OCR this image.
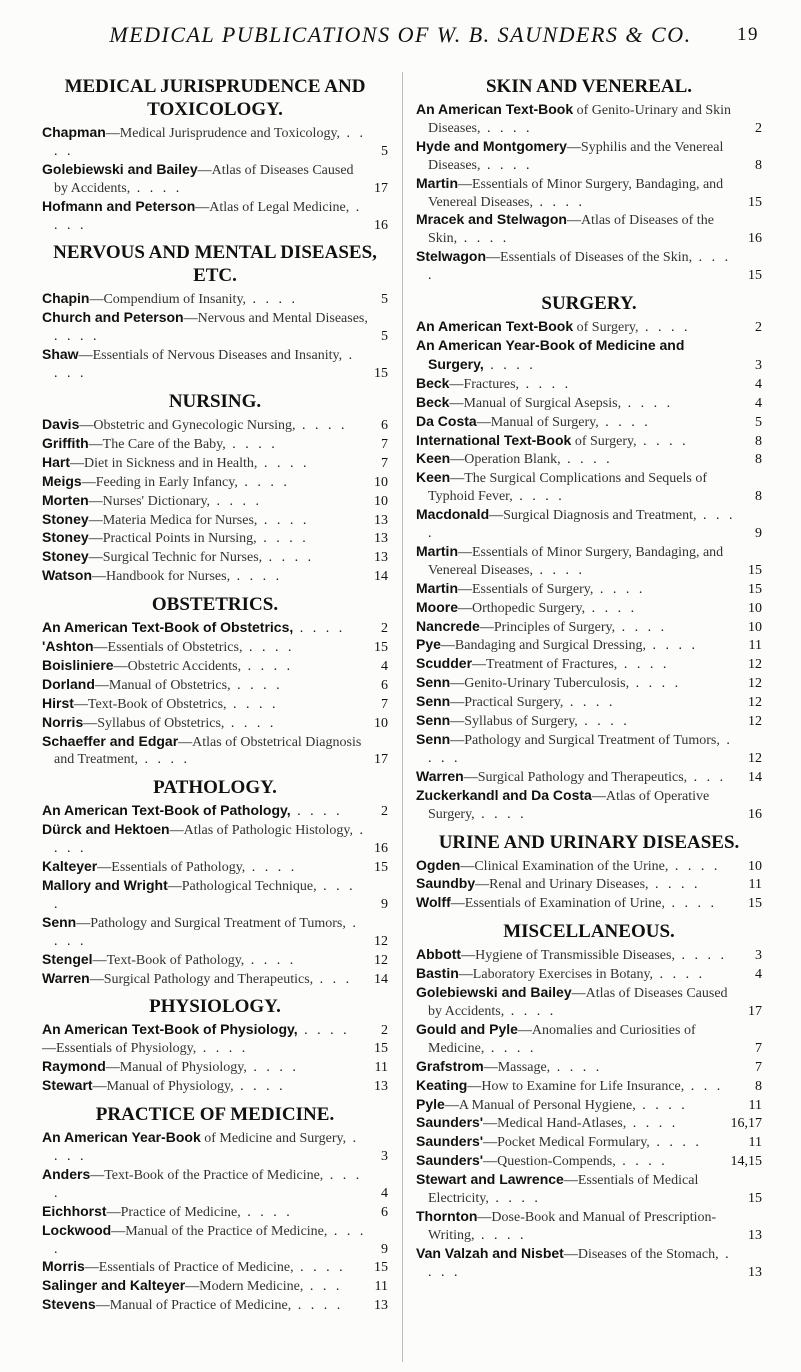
MEDICAL PUBLICATIONS OF W. B. SAUNDERS & CO. 19
MEDICAL JURISPRUDENCE AND TOXICOLOGY.
Chapman—Medical Jurisprudence and Toxicology, . . . .	5
Golebiewski and Bailey—Atlas of Diseases Caused by Accidents, . . . .	17
Hofmann and Peterson—Atlas of Legal Medicine, . . . .	16
NERVOUS AND MENTAL DISEASES, ETC.
Chapin—Compendium of Insanity, . . . .	5
Church and Peterson—Nervous and Mental Diseases, . . . .	5
Shaw—Essentials of Nervous Diseases and Insanity, . . . .	15
NURSING.
Davis—Obstetric and Gynecologic Nursing, . . . . 6
Griffith—The Care of the Baby, . . . .	7
Hart—Diet in Sickness and in Health, . . . .	7
Meigs—Feeding in Early Infancy, . . . .	10
Morten—Nurses' Dictionary, . . . .	10
Stoney—Materia Medica for Nurses, . . . .	13
Stoney—Practical Points in Nursing, . . . .	13
Stoney—Surgical Technic for Nurses, . . . .	13
Watson—Handbook for Nurses, . . . .	14
OBSTETRICS.
An American Text-Book of Obstetrics, . . . .	2
'Ashton—Essentials of Obstetrics, . . . .	15
Boisliniere—Obstetric Accidents, . . . .	4
Dorland—Manual of Obstetrics, . . . .	6
Hirst—Text-Book of Obstetrics, . . . .	7
Norris—Syllabus of Obstetrics, . . . .	10
Schaeffer and Edgar—Atlas of Obstetrical Diagnosis and Treatment, . . . .	17
PATHOLOGY.
An American Text-Book of Pathology, . . . .	2
Dürck and Hektoen—Atlas of Pathologic Histology, . . . .	16
Kalteyer—Essentials of Pathology, . . . .	15
Mallory and Wright—Pathological Technique, . . . .	9
Senn—Pathology and Surgical Treatment of Tumors, . . . .	12
Stengel—Text-Book of Pathology, . . . .	12
Warren—Surgical Pathology and Therapeutics, . . . 14
PHYSIOLOGY.
An American Text-Book of Physiology, . . . . 2
—Essentials of Physiology, . . . .	15
Raymond—Manual of Physiology, . . . .	11
Stewart—Manual of Physiology, . . . .	13
PRACTICE OF MEDICINE.
An American Year-Book of Medicine and Surgery, . . . .	3
Anders—Text-Book of the Practice of Medicine, . . . .	4
Eichhorst—Practice of Medicine, . . . .	6
Lockwood—Manual of the Practice of Medicine, . . . .	9
Morris—Essentials of Practice of Medicine, . . . . 15
Salinger and Kalteyer—Modern Medicine, . . . 11
Stevens—Manual of Practice of Medicine, . . . . 13
SKIN AND VENEREAL.
An American Text-Book of Genito-Urinary and Skin Diseases, . . . .	2
Hyde and Montgomery—Syphilis and the Venereal Diseases, . . . .	8
Martin—Essentials of Minor Surgery, Bandaging, and Venereal Diseases, . . . .	15
Mracek and Stelwagon—Atlas of Diseases of the Skin, . . . .	16
Stelwagon—Essentials of Diseases of the Skin, . . . .	15
SURGERY.
An American Text-Book of Surgery, . . . .	2
An American Year-Book of Medicine and Surgery, . . . .	3
Beck—Fractures, . . . .	4
Beck—Manual of Surgical Asepsis, . . . .	4
Da Costa—Manual of Surgery, . . . .	5
International Text-Book of Surgery, . . . .	8
Keen—Operation Blank, . . . .	8
Keen—The Surgical Complications and Sequels of Typhoid Fever, . . . .	8
Macdonald—Surgical Diagnosis and Treatment, . . . .	9
Martin—Essentials of Minor Surgery, Bandaging, and Venereal Diseases, . . . .	15
Martin—Essentials of Surgery, . . . .	15
Moore—Orthopedic Surgery, . . . .	10
Nancrede—Principles of Surgery, . . . .	10
Pye—Bandaging and Surgical Dressing, . . . .	11
Scudder—Treatment of Fractures, . . . .	12
Senn—Genito-Urinary Tuberculosis, . . . .	12
Senn—Practical Surgery, . . . .	12
Senn—Syllabus of Surgery, . . . .	12
Senn—Pathology and Surgical Treatment of Tumors, . . . .	12
Warren—Surgical Pathology and Therapeutics, . . . 14
Zuckerkandl and Da Costa—Atlas of Operative Surgery, . . . .	16
URINE AND URINARY DISEASES.
Ogden—Clinical Examination of the Urine, . . . . 10
Saundby—Renal and Urinary Diseases, . . . .	11
Wolff—Essentials of Examination of Urine, . . . . 15
MISCELLANEOUS.
Abbott—Hygiene of Transmissible Diseases, . . . . 3
Bastin—Laboratory Exercises in Botany, . . . .	4
Golebiewski and Bailey—Atlas of Diseases Caused by Accidents, . . . .	17
Gould and Pyle—Anomalies and Curiosities of Medicine, . . . .	7
Grafstrom—Massage, . . . .	7
Keating—How to Examine for Life Insurance, . . . 8
Pyle—A Manual of Personal Hygiene, . . . .	11
Saunders'—Medical Hand-Atlases, . . . .	16,17
Saunders'—Pocket Medical Formulary, . . . .	11
Saunders'—Question-Compends, . . . .	14,15
Stewart and Lawrence—Essentials of Medical Electricity, . . . .	15
Thornton—Dose-Book and Manual of Prescription-Writing, . . . .	13
Van Valzah and Nisbet—Diseases of the Stomach, . . . .	13
